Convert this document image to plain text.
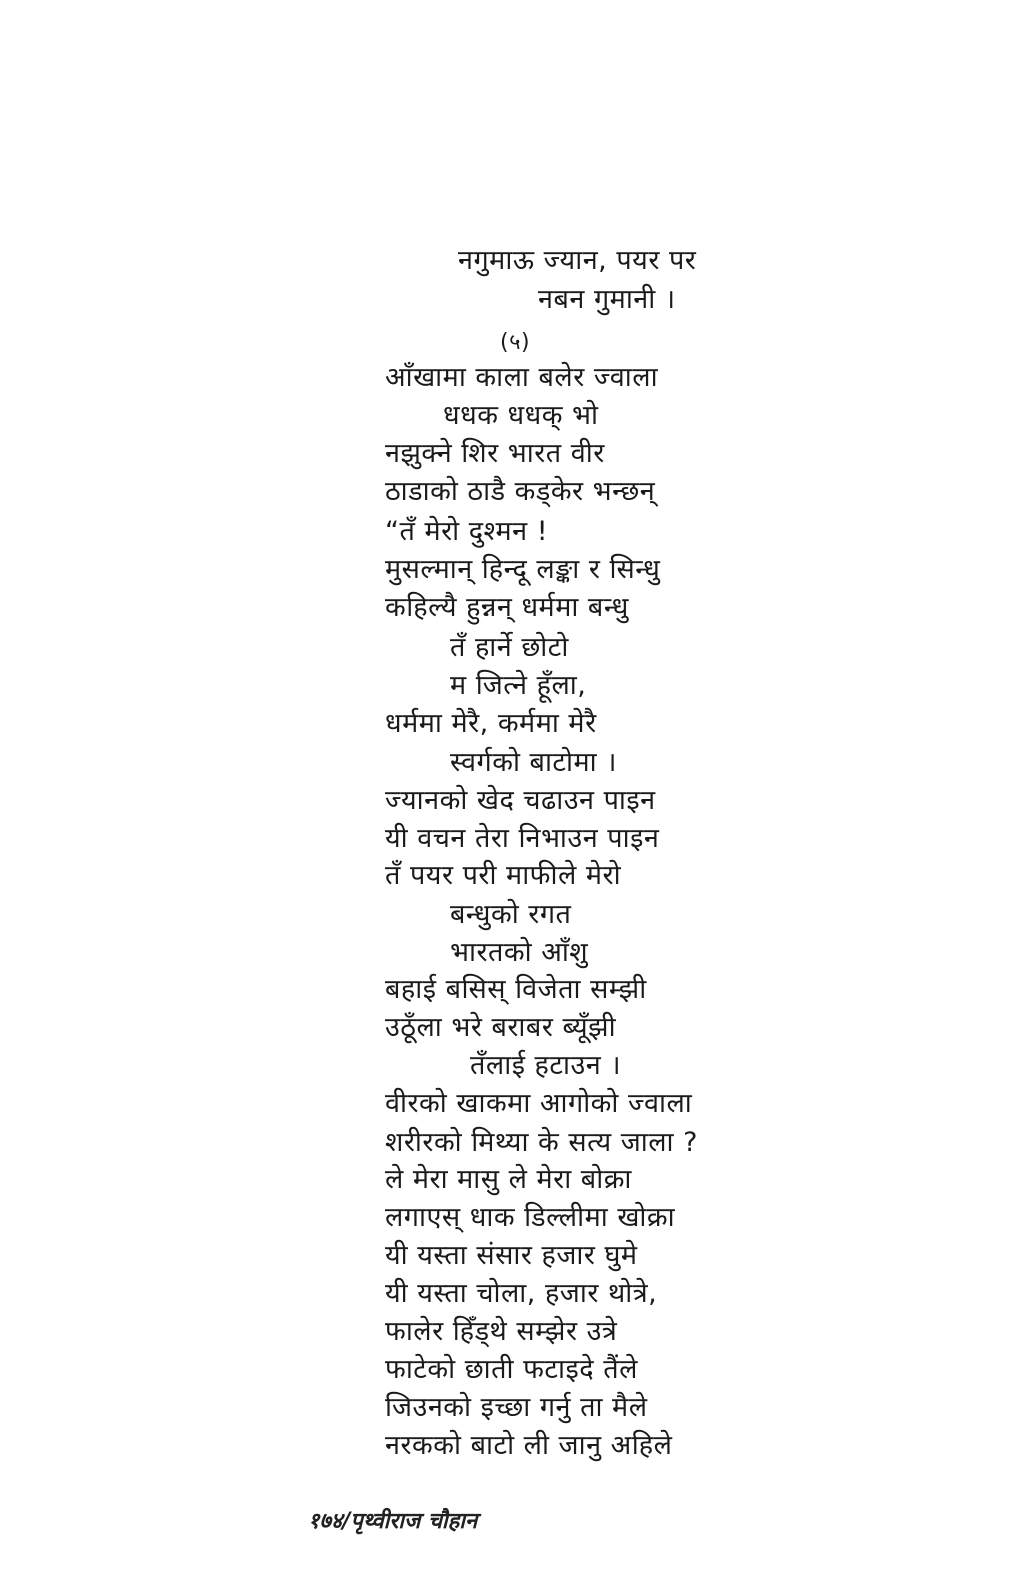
नगुमाऊ ज्यान, पयर पर
नबन गुमानी ।
(५)
आँखामा काला बलेर ज्वाला
धधक धधक् भो
नझुक्ने शिर भारत वीर
ठाडाको ठाडै कड्केर भन्छन्
“तँ मेरो दुश्मन !
मुसल्मान् हिन्दू लङ्का र सिन्धु
कहिल्यै हुन्नन् धर्ममा बन्धु
तँ हार्ने छोटो
म जित्ने हूँला,
धर्ममा मेरै, कर्ममा मेरै
स्वर्गको बाटोमा ।
ज्यानको खेद चढाउन पाइन
यी वचन तेरा निभाउन पाइन
तँ पयर परी माफीले मेरो
बन्धुको रगत
भारतको आँशु
बहाई बसिस् विजेता सम्झी
उठूँला भरे बराबर ब्यूँझी
तँलाई हटाउन ।
वीरको खाकमा आगोको ज्वाला
शरीरको मिथ्या के सत्य जाला ?
ले मेरा मासु ले मेरा बोक्रा
लगाएस् धाक डिल्लीमा खोक्रा
यी यस्ता संसार हजार घुमे
यी यस्ता चोला, हजार थोत्रे,
फालेर हिँड्थे सम्झेर उत्रे
फाटेको छाती फटाइदे तैंले
जिउनको इच्छा गर्नु ता मैले
नरकको बाटो ली जानु अहिले
१७४/पृथ्वीराज चौहान
